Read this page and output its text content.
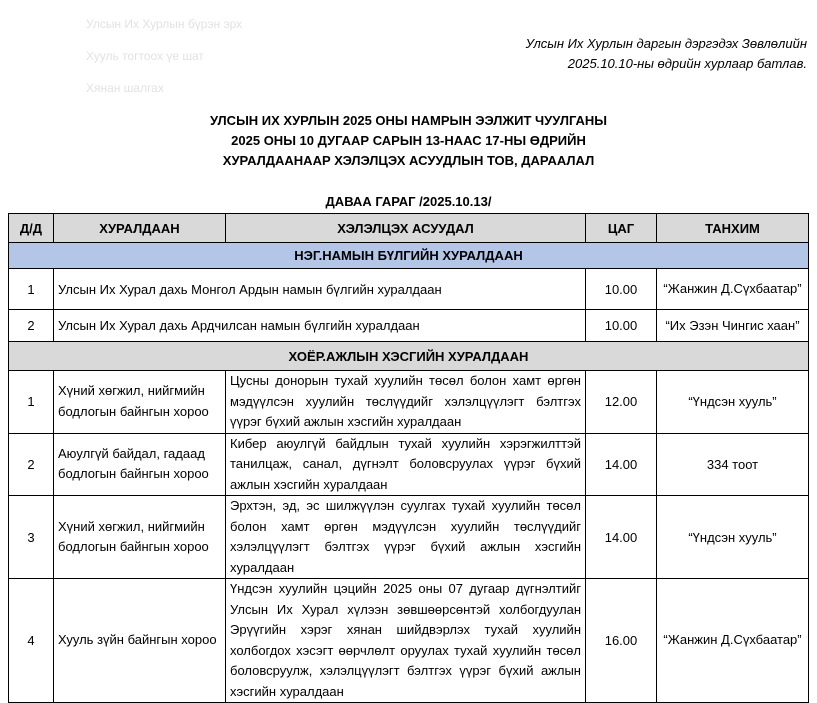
Улсын Их Хурлын бүрэн эрх
Хууль тогтоох үе шат
Хянан шалгах
Улсын Их Хурлын даргын дэргэдэх Зөвлөлийн
2025.10.10-ны өдрийн хурлаар батлав.
УЛСЫН ИХ ХУРЛЫН 2025 ОНЫ НАМРЫН ЭЭЛЖИТ ЧУУЛГАНЫ
2025 ОНЫ 10 ДУГААР САРЫН 13-НААС 17-НЫ ӨДРИЙН
ХУРАЛДААНААР ХЭЛЭЛЦЭХ АСУУДЛЫН ТОВ, ДАРААЛАЛ
ДАВАА ГАРАГ /2025.10.13/
Д/Д	ХУРАЛДААН	ХЭЛЭЛЦЭХ АСУУДАЛ	ЦАГ	ТАНХИМ
НЭГ.НАМЫН БҮЛГИЙН ХУРАЛДААН				
1	Улсын Их Хурал дахь Монгол Ардын намын бүлгийн хуралдаан		10.00	“Жанжин Д.Сүхбаатар”
2	Улсын Их Хурал дахь Ардчилсан намын бүлгийн хуралдаан		10.00	“Их Эзэн Чингис хаан”
ХОЁР.АЖЛЫН ХЭСГИЙН ХУРАЛДААН				
1	Хүний хөгжил, нийгмийн бодлогын байнгын хороо	Цусны донорын тухай хуулийн төсөл болон хамт өргөн мэдүүлсэн хуулийн төслүүдийг хэлэлцүүлэгт бэлтгэх үүрэг бүхий ажлын хэсгийн хуралдаан	12.00	“Үндсэн хууль”
2	Аюулгүй байдал, гадаад бодлогын байнгын хороо	Кибер аюулгүй байдлын тухай хуулийн хэрэгжилттэй танилцаж, санал, дүгнэлт боловсруулах үүрэг бүхий ажлын хэсгийн хуралдаан	14.00	334 тоот
3	Хүний хөгжил, нийгмийн бодлогын байнгын хороо	Эрхтэн, эд, эс шилжүүлэн суулгах тухай хуулийн төсөл болон хамт өргөн мэдүүлсэн хуулийн төслүүдийг хэлэлцүүлэгт бэлтгэх үүрэг бүхий ажлын хэсгийн хуралдаан	14.00	“Үндсэн хууль”
4	Хууль зүйн байнгын хороо	Үндсэн хуулийн цэцийн 2025 оны 07 дугаар дүгнэлтийг Улсын Их Хурал хүлээн зөвшөөрсөнтэй холбогдуулан Эрүүгийн хэрэг хянан шийдвэрлэх тухай хуулийн холбогдох хэсэгт өөрчлөлт оруулах тухай хуулийн төсөл боловсруулж, хэлэлцүүлэгт бэлтгэх үүрэг бүхий ажлын хэсгийн хуралдаан	16.00	“Жанжин Д.Сүхбаатар”
